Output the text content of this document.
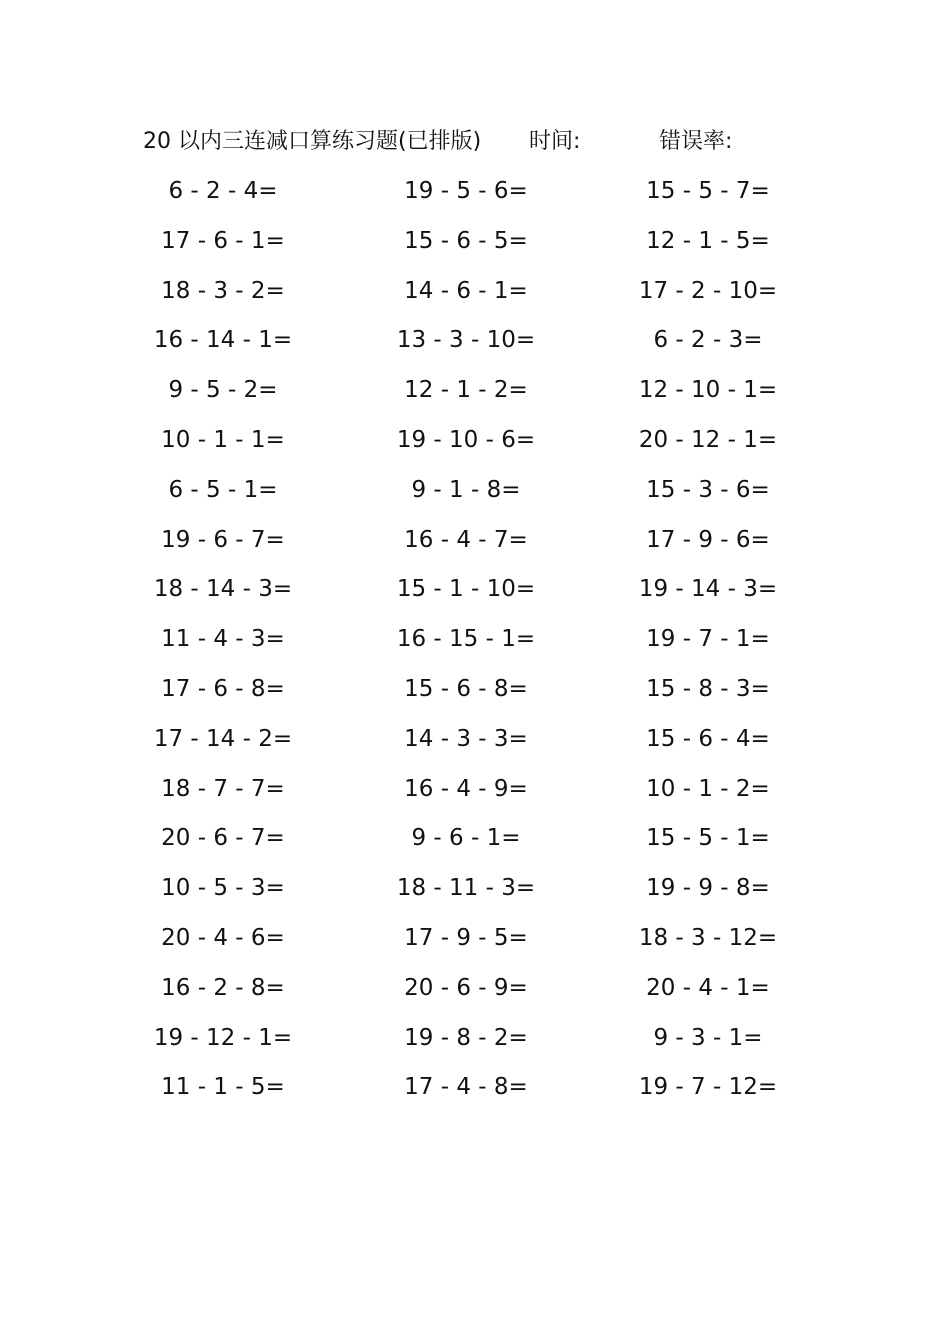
20 以内三连减口算练习题(已排版) 时间:	错误率:
6 - 2 - 4=	19 - 5 - 6=	15 - 5 - 7=
17 - 6 - 1=	15 - 6 - 5=	12 - 1 - 5=
18 - 3 - 2=	14 - 6 - 1=	17 - 2 - 10=
16 - 14 - 1=	13 - 3 - 10=	6 - 2 - 3=
9 - 5 - 2=	12 - 1 - 2=	12 - 10 - 1=
10 - 1 - 1=	19 - 10 - 6=	20 - 12 - 1=
6 - 5 - 1=	9 - 1 - 8=	15 - 3 - 6=
19 - 6 - 7=	16 - 4 - 7=	17 - 9 - 6=
18 - 14 - 3=	15 - 1 - 10=	19 - 14 - 3=
11 - 4 - 3=	16 - 15 - 1=	19 - 7 - 1=
17 - 6 - 8=	15 - 6 - 8=	15 - 8 - 3=
17 - 14 - 2=	14 - 3 - 3=	15 - 6 - 4=
18 - 7 - 7=	16 - 4 - 9=	10 - 1 - 2=
20 - 6 - 7=	9 - 6 - 1=	15 - 5 - 1=
10 - 5 - 3=	18 - 11 - 3=	19 - 9 - 8=
20 - 4 - 6=	17 - 9 - 5=	18 - 3 - 12=
16 - 2 - 8=	20 - 6 - 9=	20 - 4 - 1=
19 - 12 - 1=	19 - 8 - 2=	9 - 3 - 1=
11 - 1 - 5=	17 - 4 - 8=	19 - 7 - 12=
